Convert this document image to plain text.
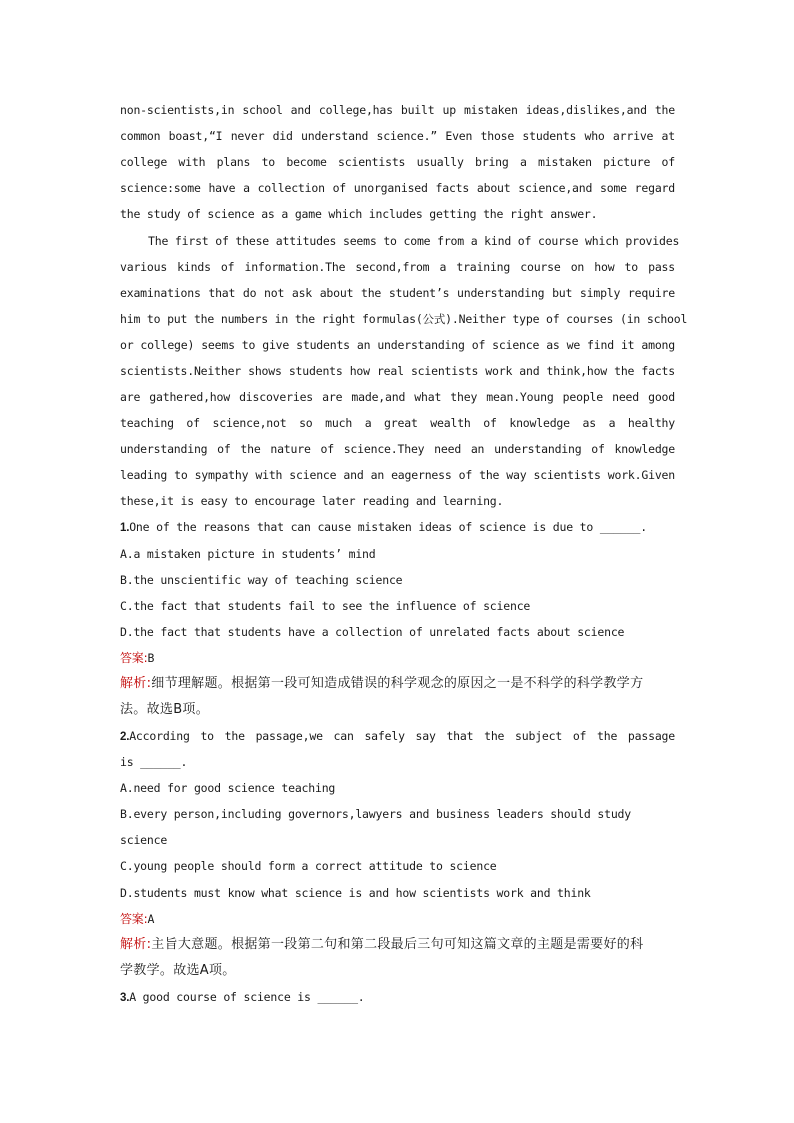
non-scientists,in school and college,has built up mistaken ideas,dislikes,and the
common boast,“I never did understand science.” Even those students who arrive at
college with plans to become scientists usually bring a mistaken picture of
science:some have a collection of unorganised facts about science,and some regard
the study of science as a game which includes getting the right answer.
The first of these attitudes seems to come from a kind of course which provides
various kinds of information.The second,from a training course on how to pass
examinations that do not ask about the student’s understanding but simply require
him to put the numbers in the right formulas(公式).Neither type of courses (in school
or college) seems to give students an understanding of science as we find it among
scientists.Neither shows students how real scientists work and think,how the facts
are gathered,how discoveries are made,and what they mean.Young people need good
teaching of science,not so much a great wealth of knowledge as a healthy
understanding of the nature of science.They need an understanding of knowledge
leading to sympathy with science and an eagerness of the way scientists work.Given
these,it is easy to encourage later reading and learning.
1.One of the reasons that can cause mistaken ideas of science is due to ______.
A.a mistaken picture in students’ mind
B.the unscientific way of teaching science
C.the fact that students fail to see the influence of science
D.the fact that students have a collection of unrelated facts about science
答案:B
解析:细节理解题。根据第一段可知造成错误的科学观念的原因之一是不科学的科学教学方
法。故选B项。
2.According to the passage,we can safely say that the subject of the passage
is ______.
A.need for good science teaching
B.every person,including governors,lawyers and business leaders should study
science
C.young people should form a correct attitude to science
D.students must know what science is and how scientists work and think
答案:A
解析:主旨大意题。根据第一段第二句和第二段最后三句可知这篇文章的主题是需要好的科
学教学。故选A项。
3.A good course of science is ______.
